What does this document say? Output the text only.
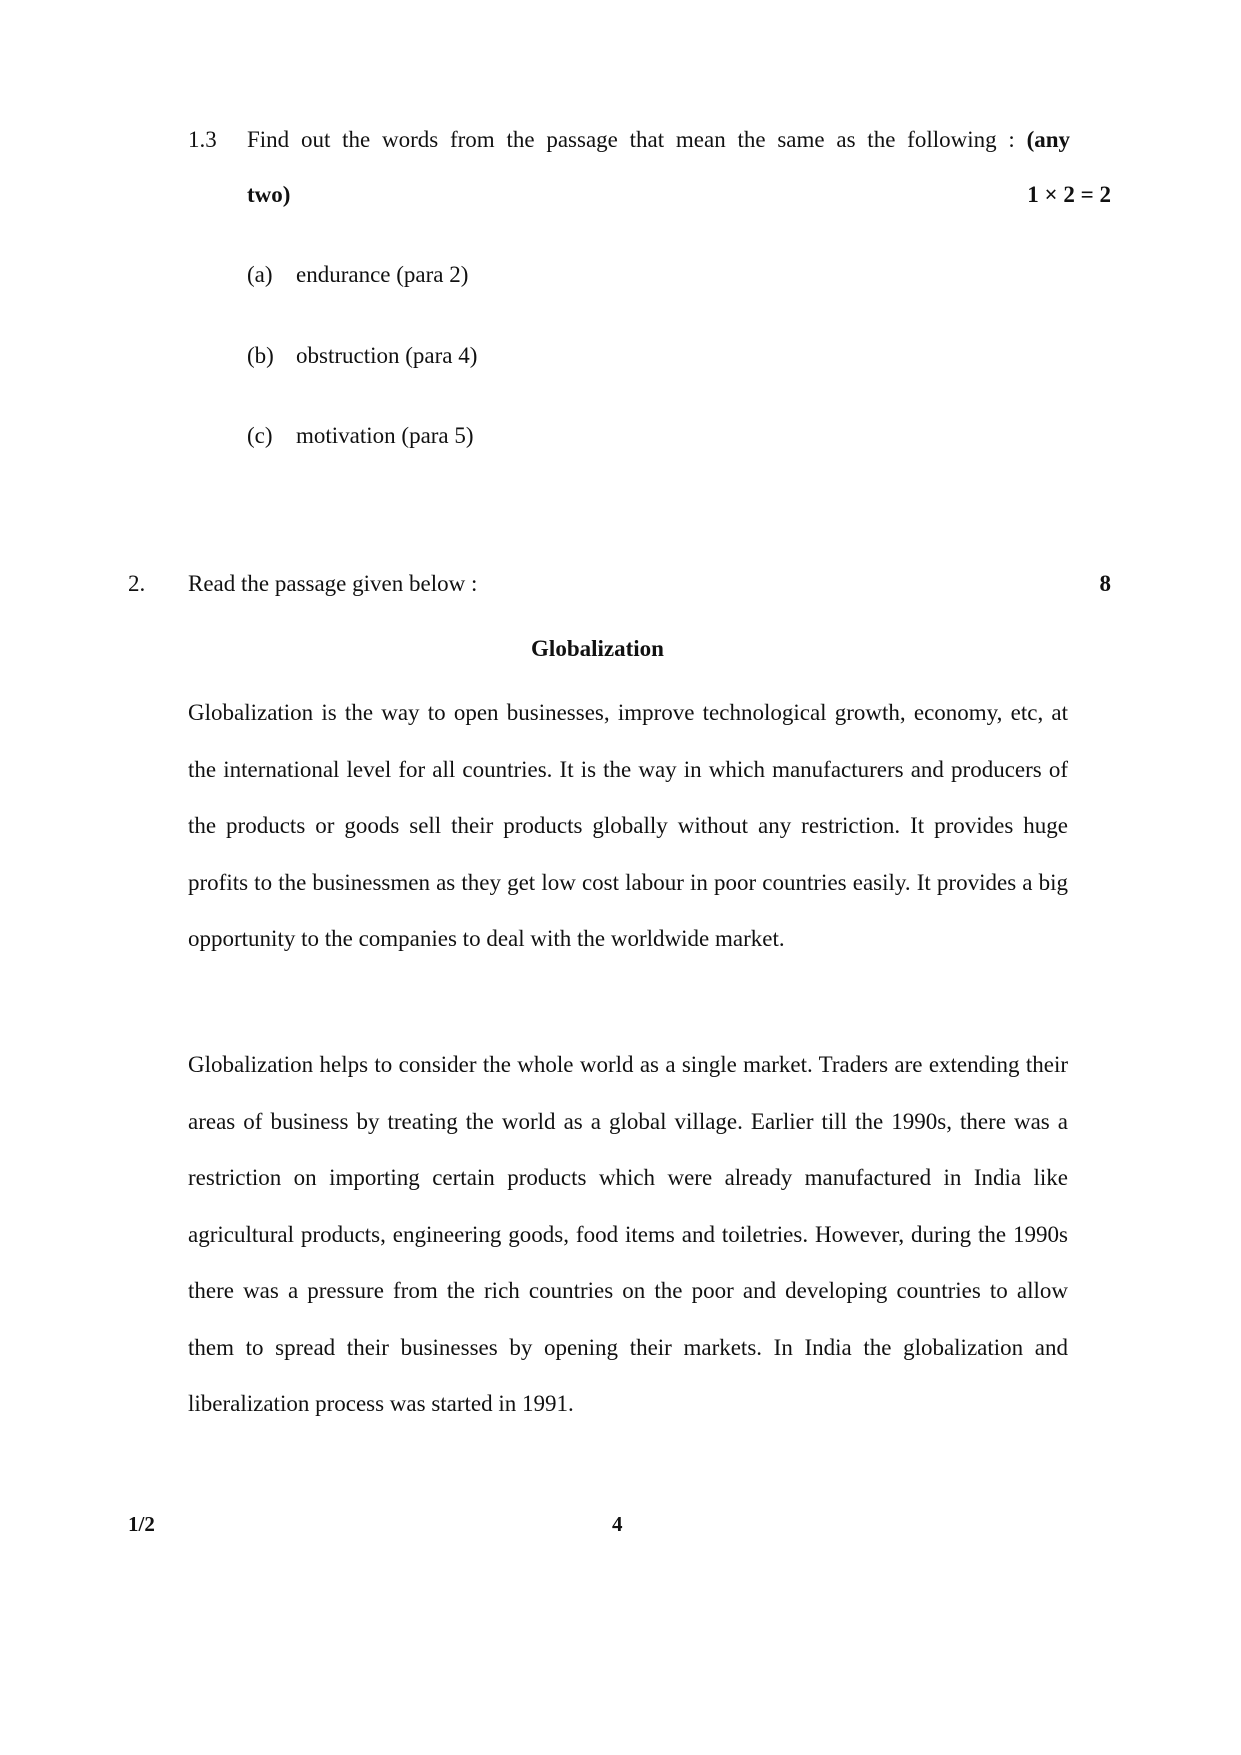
1.3 Find out the words from the passage that mean the same as the following : (any
two)	1 × 2 = 2
(a) endurance (para 2)
(b) obstruction (para 4)
(c) motivation (para 5)
2. Read the passage given below :	8
Globalization

Globalization is the way to open businesses, improve technological growth, economy, etc, at the international level for all countries. It is the way in which manufacturers and producers of the products or goods sell their products globally without any restriction. It provides huge profits to the businessmen as they get low cost labour in poor countries easily. It provides a big opportunity to the companies to deal with the worldwide market.

Globalization helps to consider the whole world as a single market. Traders are extending their areas of business by treating the world as a global village. Earlier till the 1990s, there was a restriction on importing certain products which were already manufactured in India like agricultural products, engineering goods, food items and toiletries. However, during the 1990s there was a pressure from the rich countries on the poor and developing countries to allow them to spread their businesses by opening their markets. In India the globalization and liberalization process was started in 1991.

1/2	4
